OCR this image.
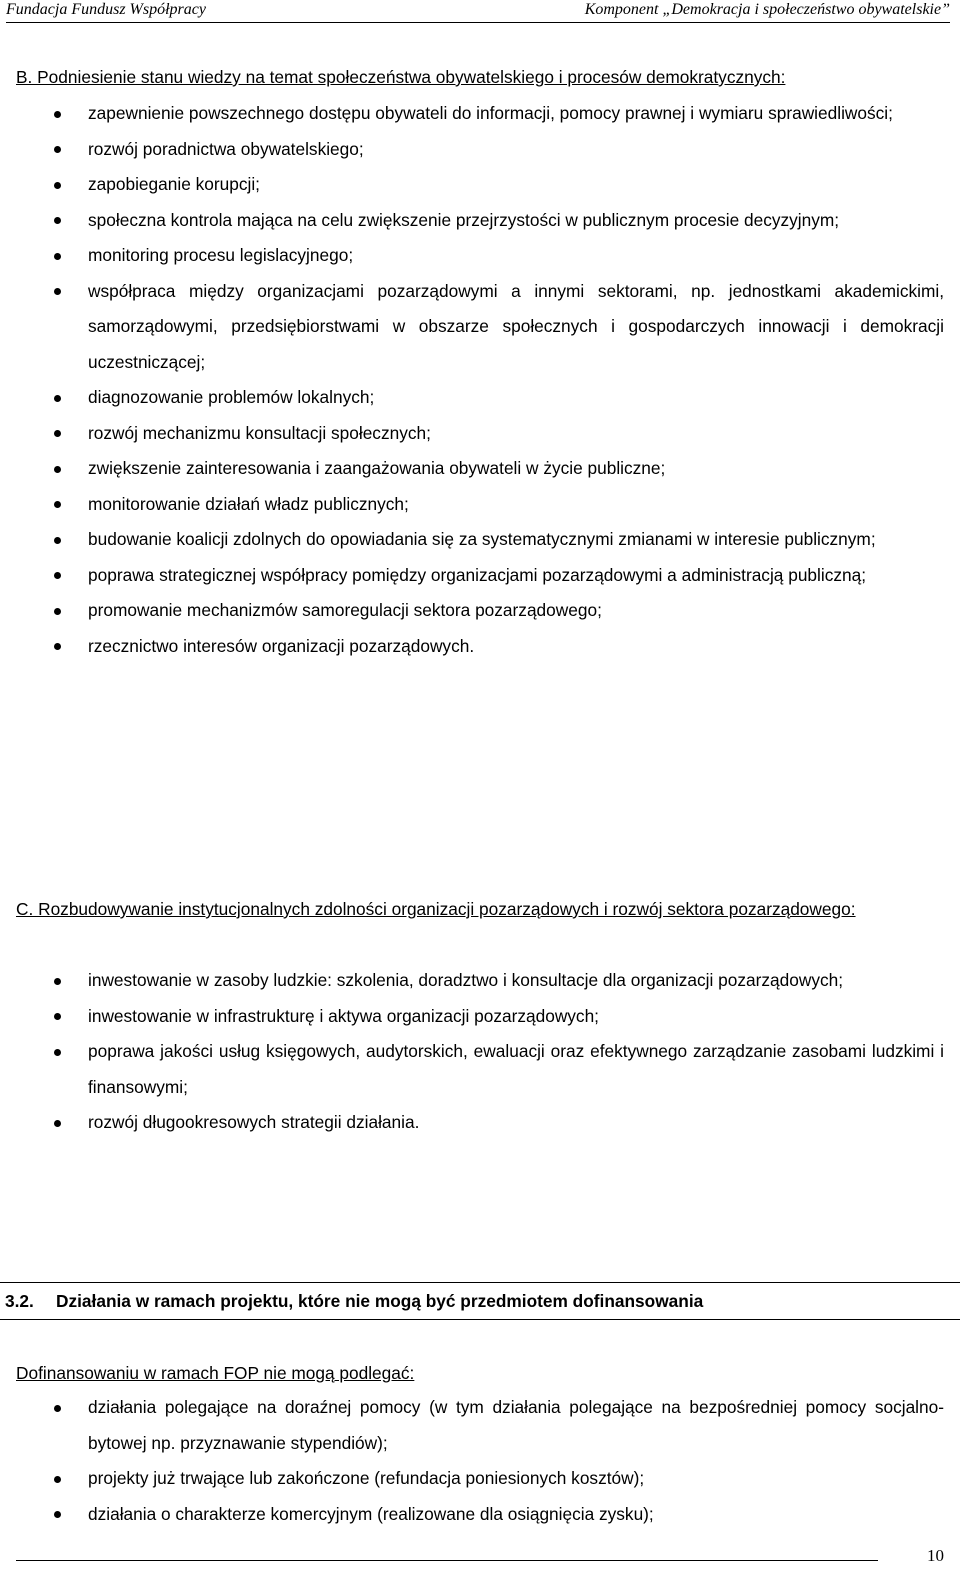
Fundacja Fundusz Współpracy	Komponent „Demokracja i społeczeństwo obywatelskie”
B. Podniesienie stanu wiedzy na temat społeczeństwa obywatelskiego i procesów demokratycznych:
zapewnienie powszechnego dostępu obywateli do informacji, pomocy prawnej i wymiaru sprawiedliwości;
rozwój poradnictwa obywatelskiego;
zapobieganie korupcji;
społeczna kontrola mająca na celu zwiększenie przejrzystości w publicznym procesie decyzyjnym;
monitoring procesu legislacyjnego;
współpraca między organizacjami pozarządowymi a innymi sektorami, np. jednostkami akademickimi, samorządowymi, przedsiębiorstwami w obszarze społecznych i gospodarczych innowacji i demokracji uczestniczącej;
diagnozowanie problemów lokalnych;
rozwój mechanizmu konsultacji społecznych;
zwiększenie zainteresowania i zaangażowania obywateli w życie publiczne;
monitorowanie działań władz publicznych;
budowanie koalicji zdolnych do opowiadania się za systematycznymi zmianami w interesie publicznym;
poprawa strategicznej współpracy pomiędzy organizacjami pozarządowymi a administracją publiczną;
promowanie mechanizmów samoregulacji sektora pozarządowego;
rzecznictwo interesów organizacji pozarządowych.
C. Rozbudowywanie instytucjonalnych zdolności organizacji pozarządowych i rozwój sektora pozarządowego:
inwestowanie w zasoby ludzkie: szkolenia, doradztwo i konsultacje dla organizacji pozarządowych;
inwestowanie w infrastrukturę i aktywa organizacji pozarządowych;
poprawa jakości usług księgowych, audytorskich, ewaluacji oraz efektywnego zarządzanie zasobami ludzkimi i finansowymi;
rozwój długookresowych strategii działania.
3.2. Działania w ramach projektu, które nie mogą być przedmiotem dofinansowania
Dofinansowaniu w ramach FOP nie mogą podlegać:
działania polegające na doraźnej pomocy (w tym działania polegające na bezpośredniej pomocy socjalno-bytowej np. przyznawanie stypendiów);
projekty już trwające lub zakończone (refundacja poniesionych kosztów);
działania o charakterze komercyjnym (realizowane dla osiągnięcia zysku);
10
